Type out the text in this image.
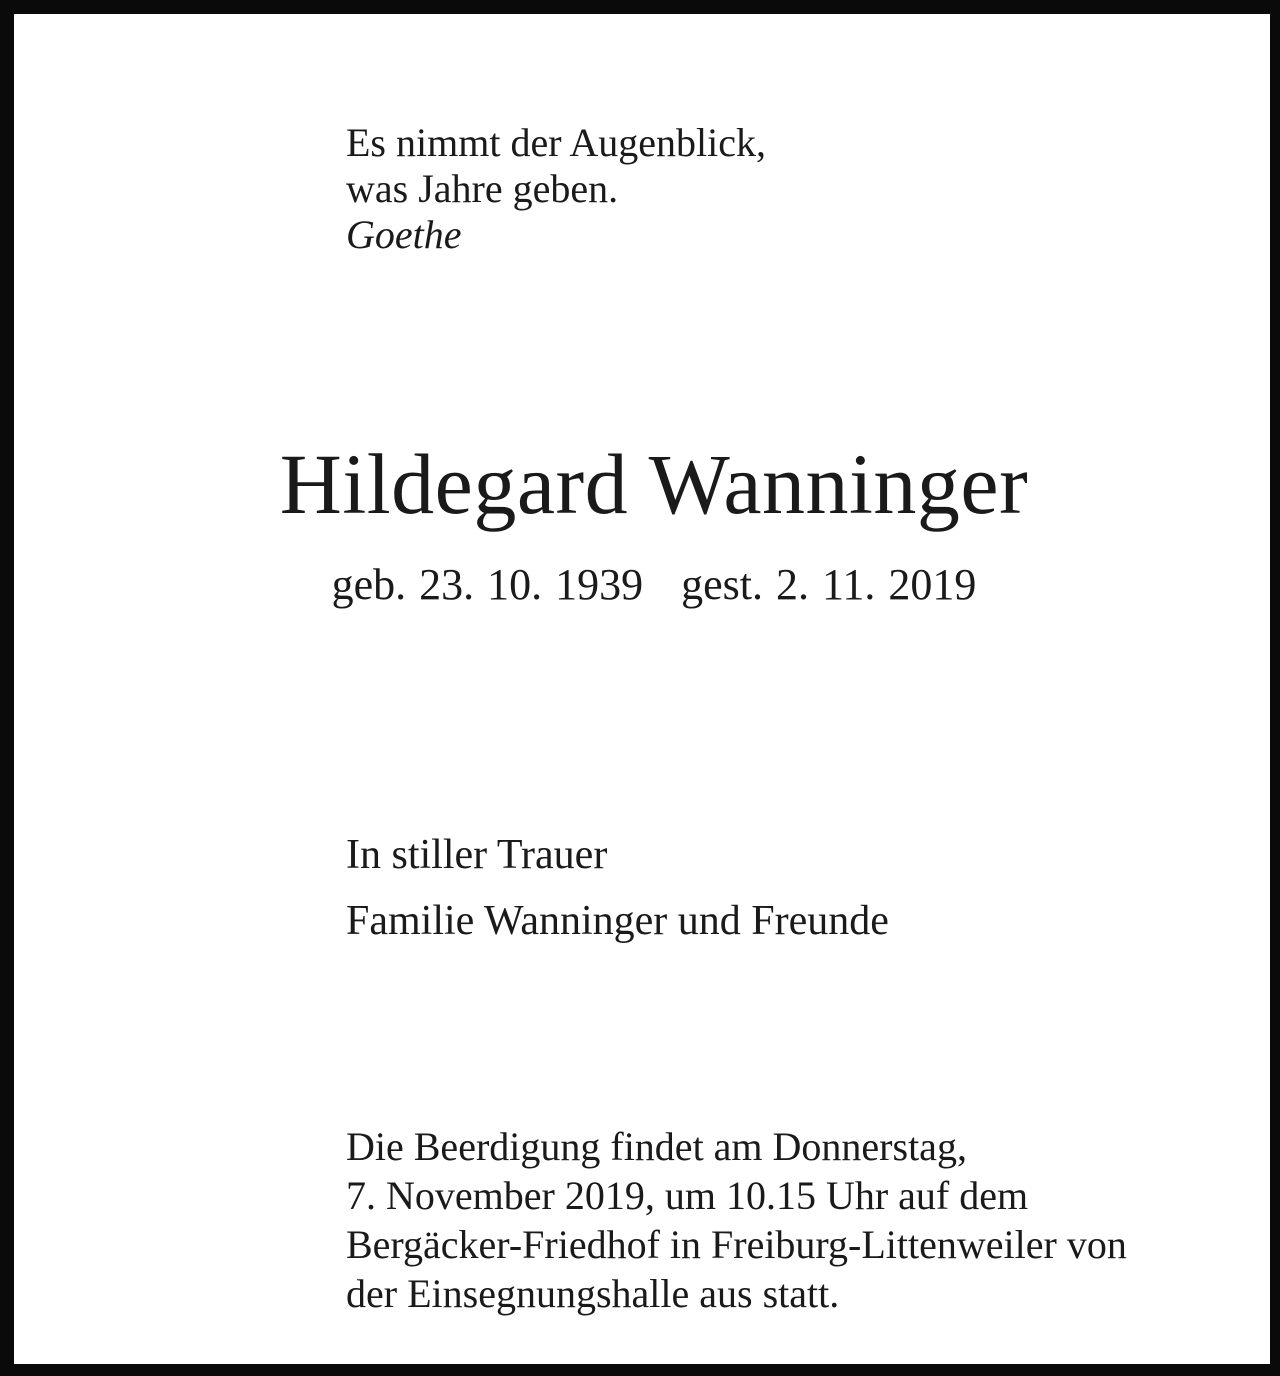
Es nimmt der Augenblick,
was Jahre geben.
Goethe
Hildegard Wanninger
geb. 23. 10. 1939 gest. 2. 11. 2019
In stiller Trauer
Familie Wanninger und Freunde
Die Beerdigung findet am Donnerstag,
7. November 2019, um 10.15 Uhr auf dem
Bergäcker-Friedhof in Freiburg-Littenweiler von
der Einsegnungshalle aus statt.
